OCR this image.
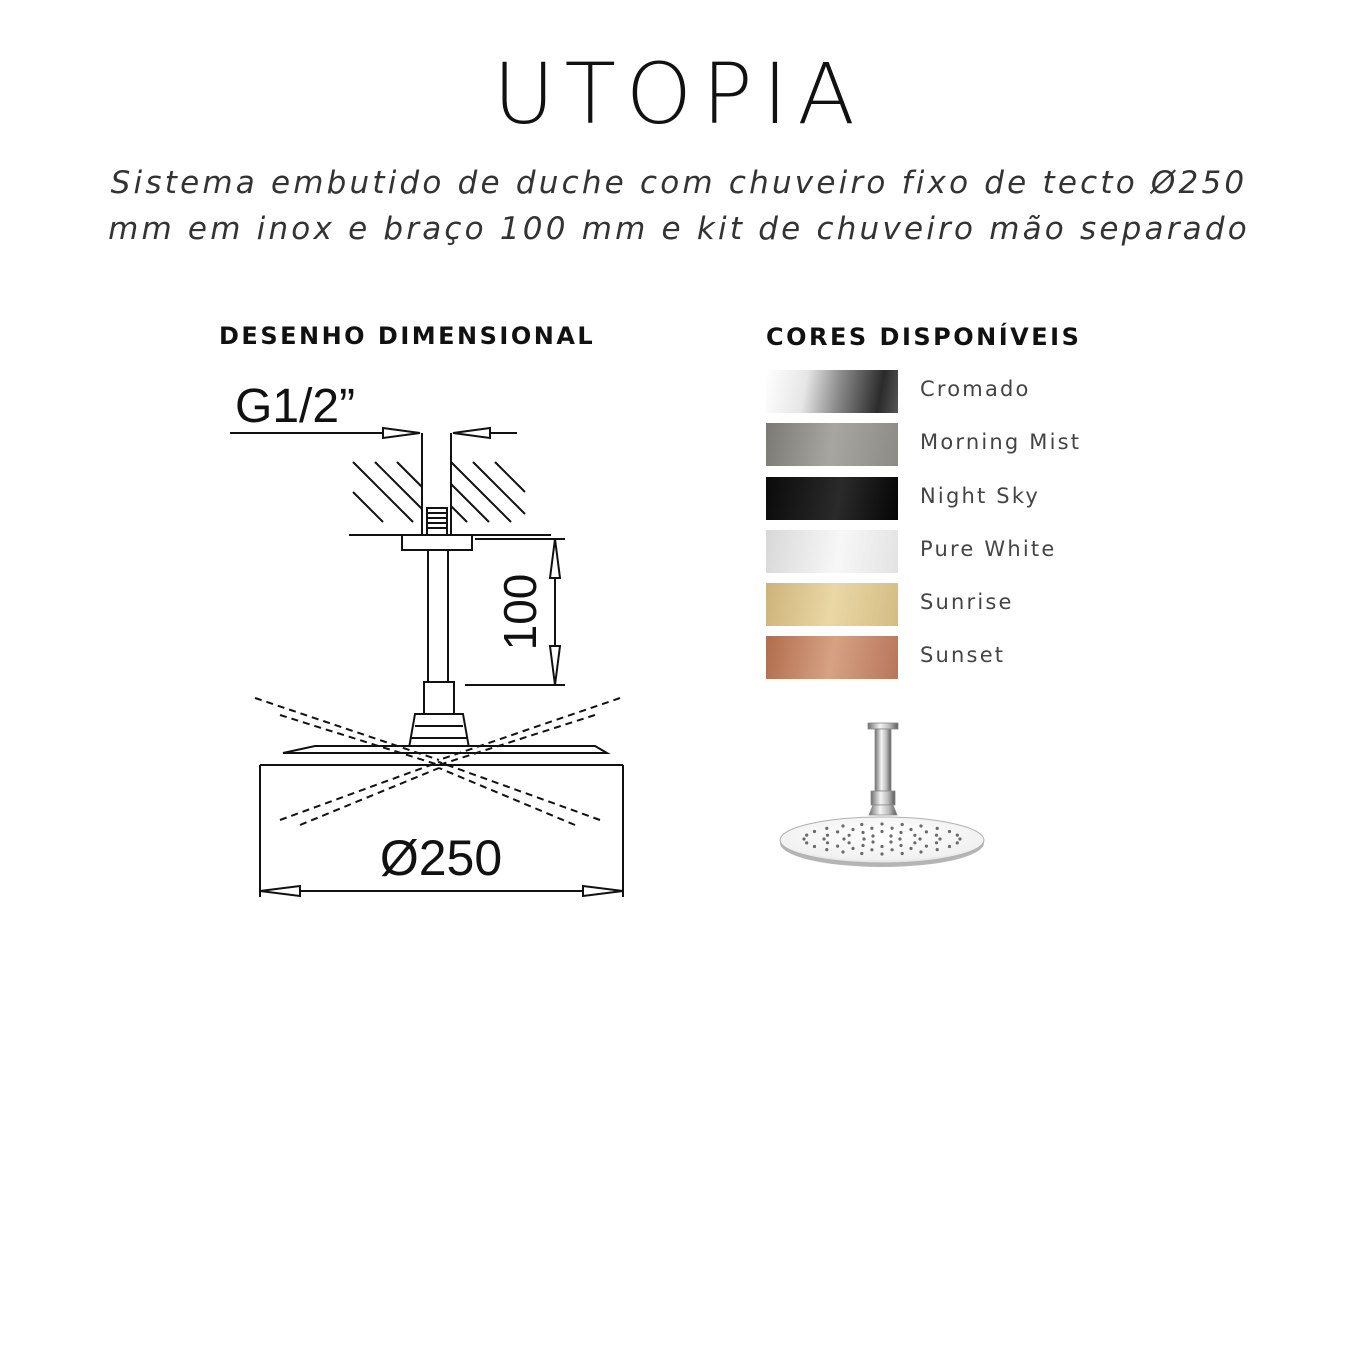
UTOPIA
Sistema embutido de duche com chuveiro fixo de tecto Ø250
mm em inox e braço 100 mm e kit de chuveiro mão separado
DESENHO DIMENSIONAL	CORES DISPONÍVEIS
G1/2”
100
Ø250
Cromado
Morning Mist
Night Sky
Pure White
Sunrise
Sunset
